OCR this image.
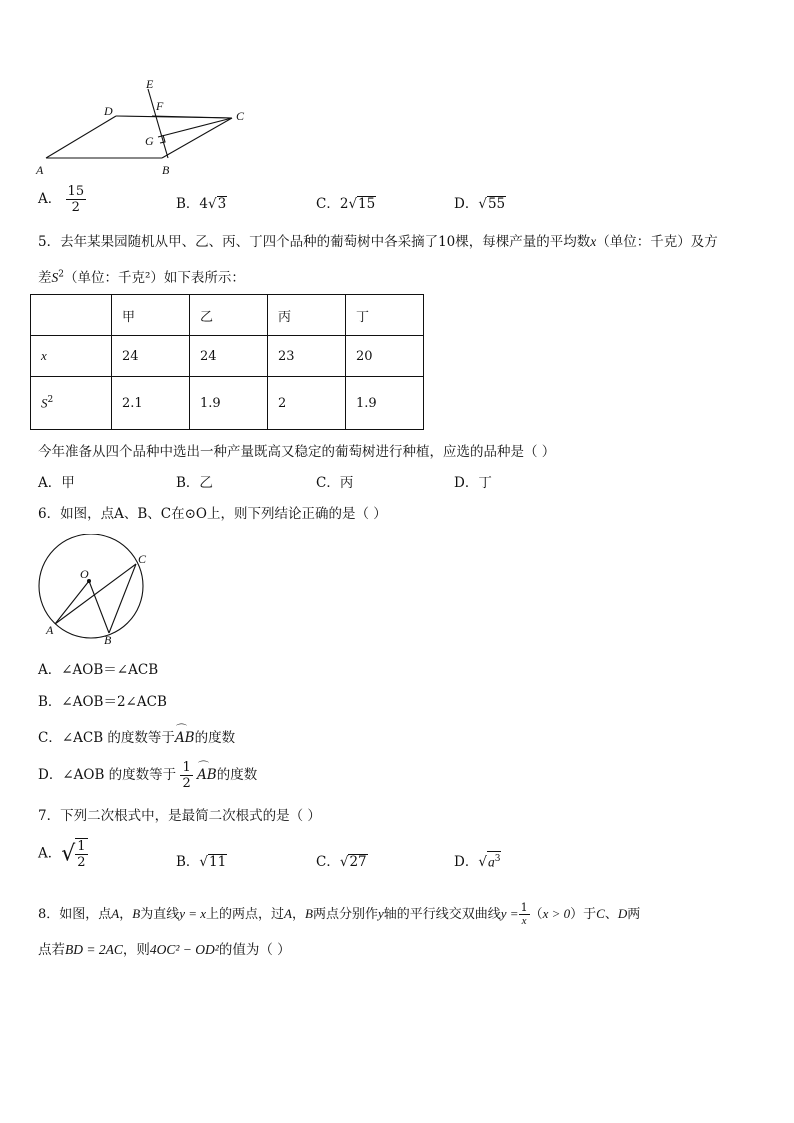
A	B
C
D
E
F
G
A． $\frac{15}{2}$	B．4√3	C．2√15	D．√55
5．去年某果园随机从甲、乙、丙、丁四个品种的葡萄树中各采摘了10棵，每棵产量的平均数x（单位：千克）及方
差$S^2$（单位：千克²）如下表所示：
	甲	乙	丙	丁
x	24	24	23	20
$S^2$	2.1	1.9	2	1.9
今年准备从四个品种中选出一种产量既高又稳定的葡萄树进行种植，应选的品种是（ ）
A．甲	B．乙	C．丙	D．丁
6．如图，点A、B、C在⊙O上，则下列结论正确的是（ ）
O
A
B
C
A．∠AOB＝∠ACB
B．∠AOB＝2∠ACB
C．∠ACB 的度数等于⌒ AB的度数
D．∠AOB 的度数等于 $\frac{1}{2}$ ⌒ AB的度数
7．下列二次根式中，是最简二次根式的是（ ）
A．√ $\frac{1}{2}$	B．√11	C．√27	D．$√a^3$
8．如图，点A，B为直线y = x上的两点，过A，B两点分别作y轴的平行线交双曲线$y = \frac{1}{x} (x > 0)$于C、D两
点若BD = 2AC，则4OC² − OD²的值为（ ）
